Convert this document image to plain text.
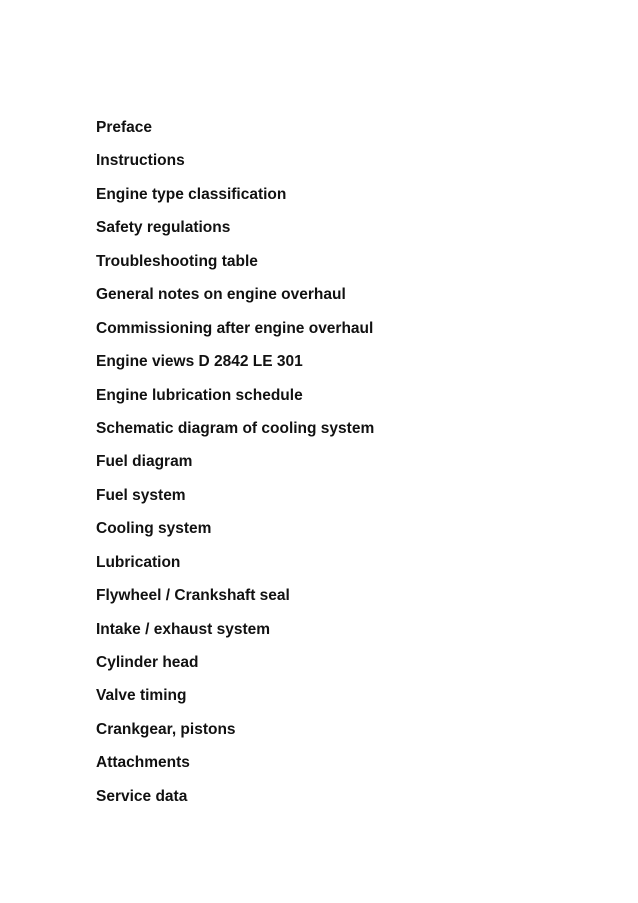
Preface
Instructions
Engine type classification
Safety regulations
Troubleshooting table
General notes on engine overhaul
Commissioning after engine overhaul
Engine views D 2842 LE 301
Engine lubrication schedule
Schematic diagram of cooling system
Fuel diagram
Fuel system
Cooling system
Lubrication
Flywheel / Crankshaft seal
Intake / exhaust system
Cylinder head
Valve timing
Crankgear, pistons
Attachments
Service data
